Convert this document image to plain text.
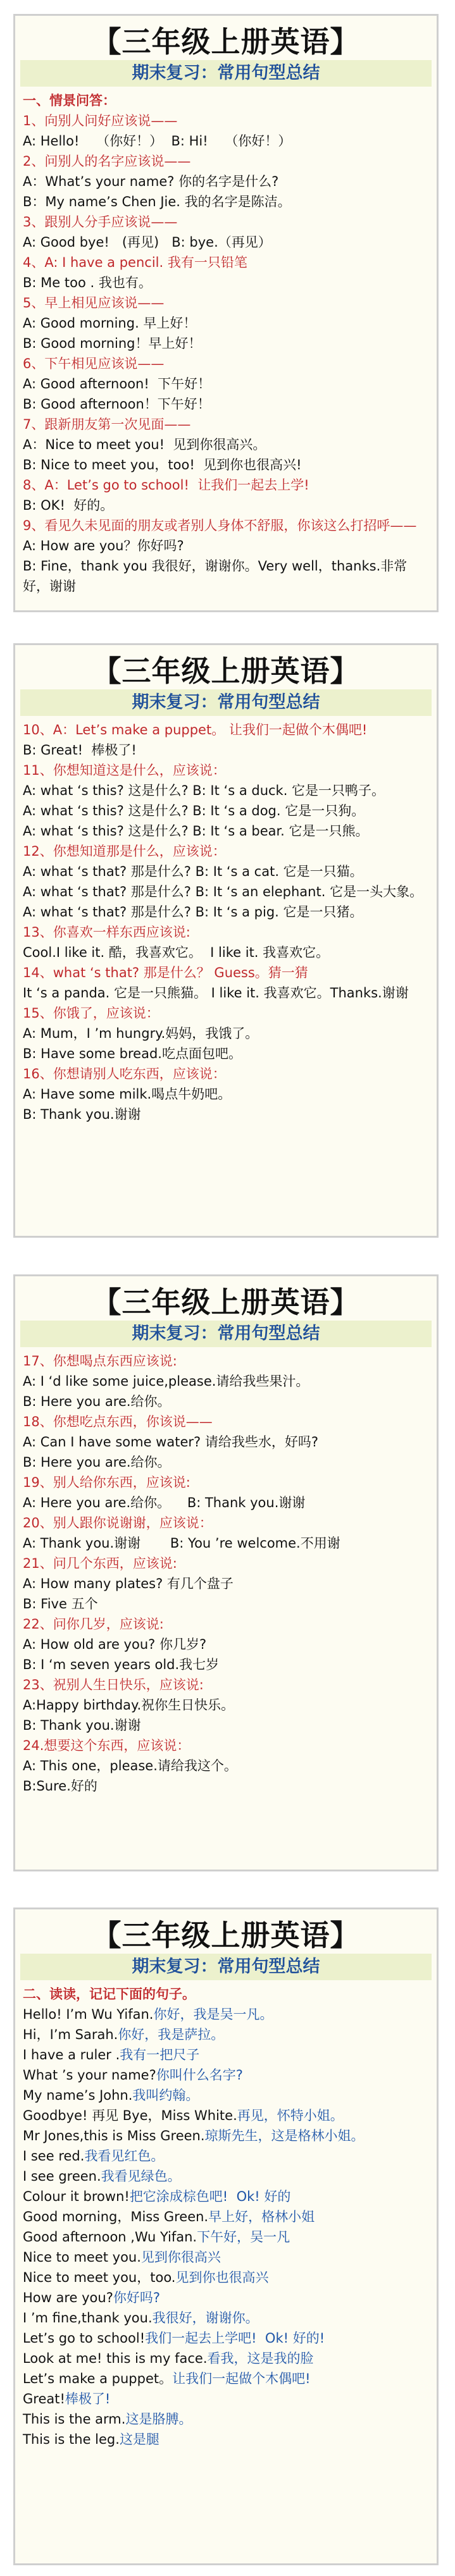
【三年级上册英语】
期末复习：常用句型总结
一、情景问答：
1、向别人问好应该说——
A: Hello!    （你好！）  B: Hi!    （你好！）
2、问别人的名字应该说——
A：What’s your name? 你的名字是什么?
B：My name’s Chen Jie. 我的名字是陈洁。
3、跟别人分手应该说——
A: Good bye!   (再见)   B: bye.（再见）
4、A: I have a pencil. 我有一只铅笔
B: Me too . 我也有。
5、早上相见应该说——
A: Good morning. 早上好！
B: Good morning！早上好！
6、下午相见应该说——
A: Good afternoon!  下午好！
B: Good afternoon！下午好！
7、跟新朋友第一次见面——
A：Nice to meet you!  见到你很高兴。
B: Nice to meet you，too!  见到你也很高兴!
8、A：Let’s go to school!  让我们一起去上学!
B: OK!  好的。
9、看见久未见面的朋友或者别人身体不舒服，你该这么打招呼——
A: How are you？你好吗?
B: Fine，thank you 我很好，谢谢你。Very well，thanks.非常好，谢谢
【三年级上册英语】
期末复习：常用句型总结
10、A：Let’s make a puppet。 让我们一起做个木偶吧!
B: Great!  棒极了!
11、你想知道这是什么，应该说：
A: what ‘s this? 这是什么? B: It ‘s a duck. 它是一只鸭子。
A: what ‘s this? 这是什么? B: It ‘s a dog. 它是一只狗。
A: what ‘s this? 这是什么? B: It ‘s a bear. 它是一只熊。
12、你想知道那是什么，应该说：
A: what ‘s that? 那是什么? B: It ‘s a cat. 它是一只猫。
A: what ‘s that? 那是什么? B: It ‘s an elephant. 它是一头大象。
A: what ‘s that? 那是什么? B: It ‘s a pig. 它是一只猪。
13、你喜欢一样东西应该说:
Cool.I like it. 酷，我喜欢它。  I like it. 我喜欢它。
14、what ‘s that? 那是什么？ Guess。猜一猜
It ‘s a panda. 它是一只熊猫。 I like it. 我喜欢它。Thanks.谢谢
15、你饿了，应该说：
A: Mum，I ’m hungry.妈妈，我饿了。
B: Have some bread.吃点面包吧。
16、你想请别人吃东西，应该说：
A: Have some milk.喝点牛奶吧。
B: Thank you.谢谢
【三年级上册英语】
期末复习：常用句型总结
17、你想喝点东西应该说:
A: I ‘d like some juice,please.请给我些果汁。
B: Here you are.给你。
18、你想吃点东西，你该说——
A: Can I have some water? 请给我些水，好吗?
B: Here you are.给你。
19、别人给你东西，应该说:
A: Here you are.给你。    B: Thank you.谢谢
20、别人跟你说谢谢，应该说：
A: Thank you.谢谢       B: You ’re welcome.不用谢
21、问几个东西，应该说:
A: How many plates? 有几个盘子
B: Five 五个
22、问你几岁，应该说:
A: How old are you? 你几岁?
B: I ‘m seven years old.我七岁
23、祝别人生日快乐，应该说:
A:Happy birthday.祝你生日快乐。
B: Thank you.谢谢
24.想要这个东西，应该说：
A: This one，please.请给我这个。
B:Sure.好的
【三年级上册英语】
期末复习：常用句型总结
二、读读，记记下面的句子。
Hello! I’m Wu Yifan.你好，我是吴一凡。
Hi，I’m Sarah.你好，我是萨拉。
I have a ruler .我有一把尺子
What ’s your name?你叫什么名字?
My name’s John.我叫约翰。
Goodbye! 再见 Bye，Miss White.再见，怀特小姐。
Mr Jones,this is Miss Green.琼斯先生，这是格林小姐。
I see red.我看见红色。
I see green.我看见绿色。
Colour it brown!把它涂成棕色吧!  Ok! 好的
Good morning，Miss Green.早上好，格林小姐
Good afternoon ,Wu Yifan.下午好，吴一凡
Nice to meet you.见到你很高兴
Nice to meet you，too.见到你也很高兴
How are you?你好吗?
I ’m fine,thank you.我很好，谢谢你。
Let’s go to school!我们一起去上学吧!  Ok! 好的!
Look at me! this is my face.看我，这是我的脸
Let’s make a puppet。让我们一起做个木偶吧!
Great!棒极了!
This is the arm.这是胳膊。
This is the leg.这是腿
